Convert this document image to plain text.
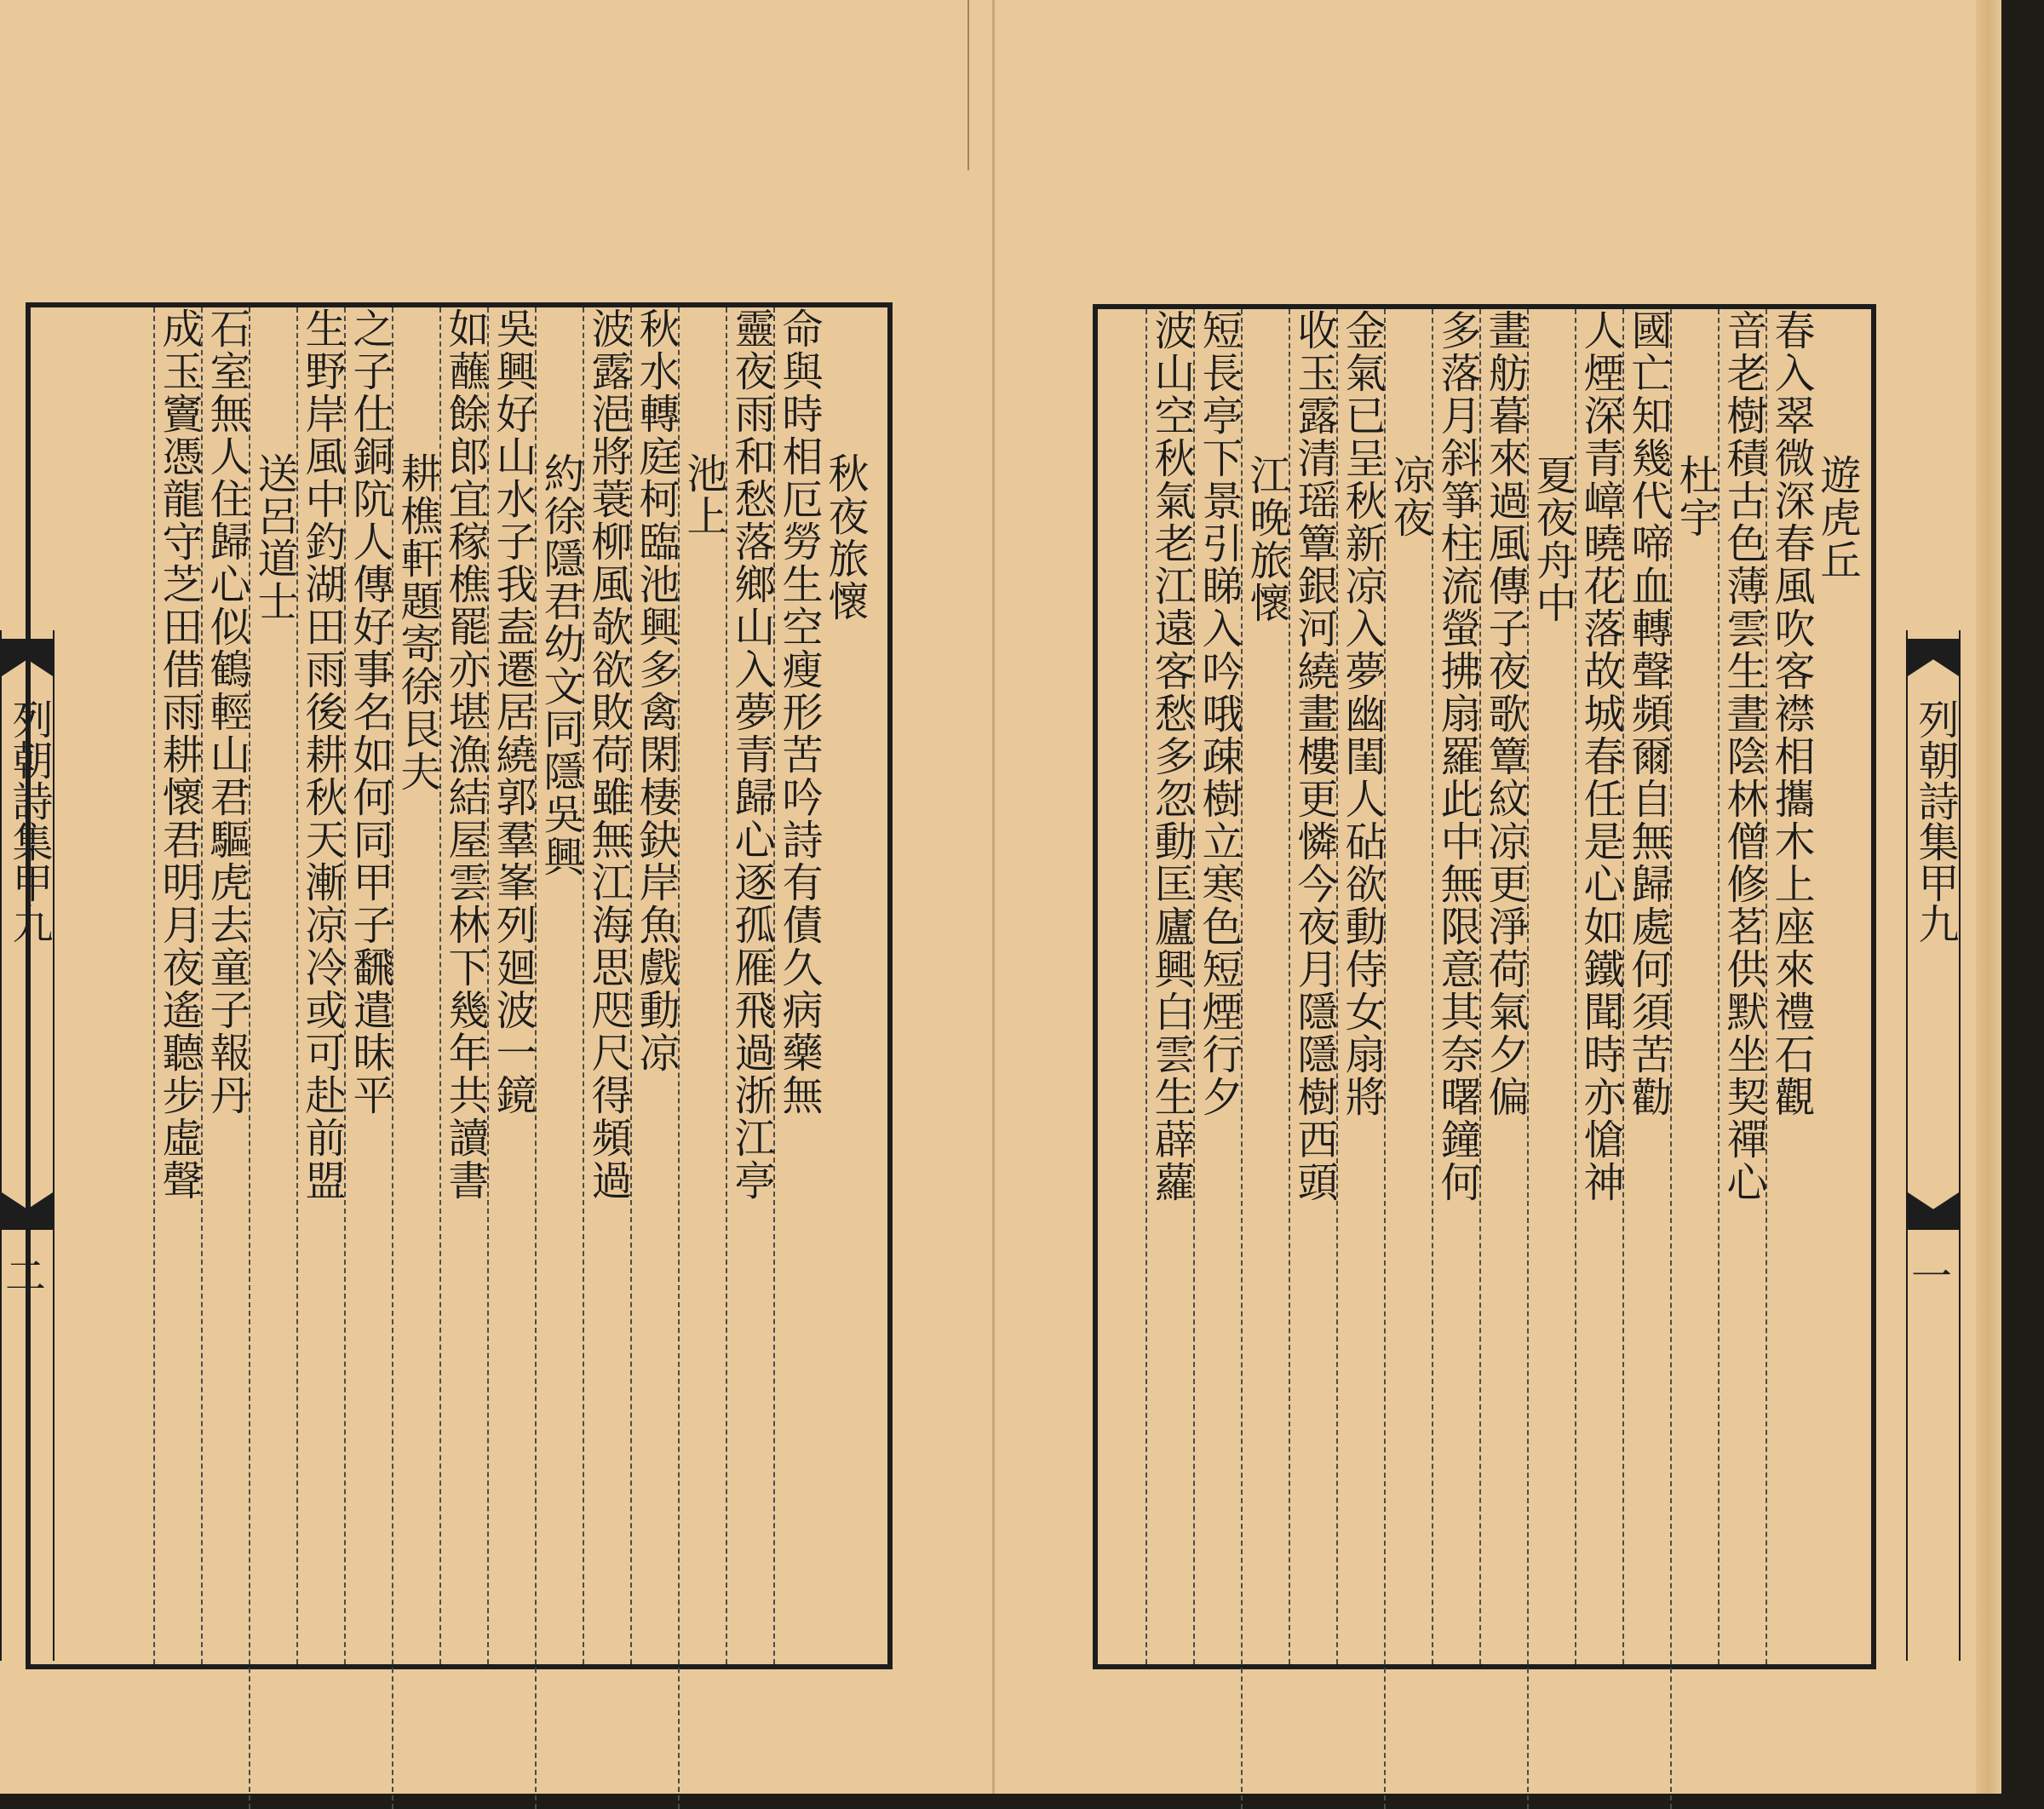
列朝詩集甲九
二
秋夜旅懷
命與時相厄勞生空瘦形苦吟詩有債久病藥無
靈夜雨和愁落鄉山入夢青歸心逐孤雁飛過浙江亭
池上
秋水轉庭柯臨池興多禽閑棲鈌岸魚戲動凉
波露浥將蓑柳風欹欲敗荷雖無江海思咫尺得頻過
約徐隱君幼文同隱吳興
吳興好山水子我盍遷居繞郭羣峯列廻波一鏡
如蘸餘郎宜稼樵罷亦堪漁結屋雲林下幾年共讀書
耕樵軒題寄徐艮夫
之子仕銅阬人傳好事名如何同甲子飜遣昧平
生野岸風中釣湖田雨後耕秋天漸凉冷或可赴前盟
送呂道士
石室無人住歸心似鶴輕山君驅虎去童子報丹
成玉竇憑龍守芝田借雨耕懷君明月夜遙聽步虛聲	遊虎丘
春入翠微深春風吹客襟相攜木上座來禮石觀
音老樹積古色薄雲生晝陰林僧修茗供默坐契禪心
杜宇
國亡知幾代啼血轉聲頻爾自無歸處何須苦勸
人煙深青嶂曉花落故城春任是心如鐵聞時亦愴神
夏夜舟中
畫舫暮來過風傳子夜歌簟紋凉更淨荷氣夕偏
多落月斜箏柱流螢拂扇羅此中無限意其奈曙鐘何
凉夜
金氣已呈秋新凉入夢幽閨人砧欲動侍女扇將
收玉露清瑶簟銀河繞畫樓更憐今夜月隱隱樹西頭
江晚旅懷
短長亭下景引睇入吟哦疎樹立寒色短煙行夕
波山空秋氣老江遠客愁多忽動匡廬興白雲生薜蘿	列朝詩集甲九
一
